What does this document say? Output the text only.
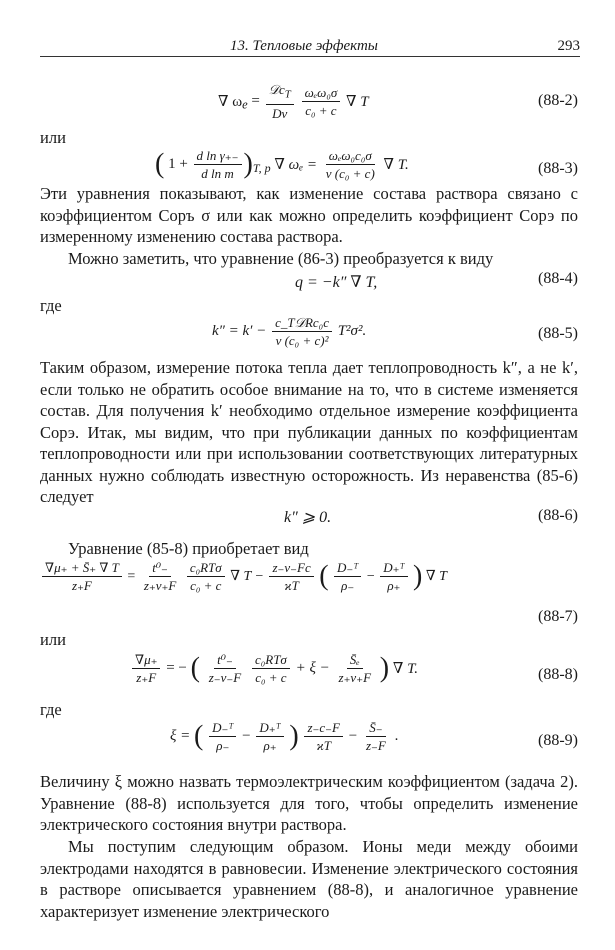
13. Тепловые эффекты	293
∇ $\omega_e = \frac{𝒟c_T}{D\nu}$
$\frac{\text{ωₑω₀σ}}{\text{c₀ + c}}$ ∇ T	(88-2)
или
( $1 + \frac{\text{d ln γ₊₋}}{\text{d ln m}} )_{T, p}$ ∇ $\omega_e = \frac{\text{ωₑω₀c₀σ}}{\text{ν (c₀ + c)}}$ ∇ T.	(88-3)

Эти уравнения показывают, как изменение состава раствора связано с коэффициентом Соръ σ или как можно определить коэффициент Сорэ по измеренному изменению состава раствора.

Можно заметить, что уравнение (86-3) преобразуется к виду

q = −k″ ∇ T,	(88-4)
где
$k'' = k' - \frac{\text{c\_T𝒟Rc₀c}}{\text{ν (c₀ + c)²}} T^2\sigma^2$.	(88-5)

Таким образом, измерение потока тепла дает теплопроводность k″, а не k′, если только не обратить особое внимание на то, что в системе изменяется состав. Для получения k′ необходимо отдельное измерение коэффициента Сорэ. Итак, мы видим, что при публикации данных по коэффициентам теплопроводности или при использовании соответствующих литературных данных нужно соблюдать известную осторожность. Из неравенства (85-6) следует

k″ ⩾ 0.	(88-6)

Уравнение (85-8) приобретает вид

$\frac{\nabla\mu_+ + S̄_+ \nabla T}{z_+F} = \frac{\text{t⁰₋}}{z_+\nu_+F}$
$\frac{\text{c₀RTσ}}{\text{c₀ + c}}$ ∇ $T - \frac{z_-\nu_-Fc}{ϰT}$ ( $\frac{\text{D₋ᵀ}}{\rho_-} - \frac{\text{D₊ᵀ}}{\rho_+}$ ) ∇ T
(88-7)
или
$\frac{\nabla\mu_+}{z_+F}$ = − ( $\frac{\text{t⁰₋}}{z_-\nu_-F}$
$\frac{\text{c₀RTσ}}{\text{c₀ + c}} + \xi - \frac{\text{S̄ₑ}}{z_+\nu_+F}$ ) ∇ T.	(88-8)
где
ξ = ( $\frac{\text{D₋ᵀ}}{\rho_-} - \frac{\text{D₊ᵀ}}{\rho_+}$ ) $\frac{z_-c_-F}{ϰT} - \frac{S̄_-}{z_-F}$ .	(88-9)

Величину ξ можно назвать термоэлектрическим коэффициентом (задача 2). Уравнение (88-8) используется для того, чтобы определить изменение электрического состояния внутри раствора.

Мы поступим следующим образом. Ионы меди между обоими электродами находятся в равновесии. Изменение электрического состояния в растворе описывается уравнением (88-8), и аналогичное уравнение характеризует изменение электрического
